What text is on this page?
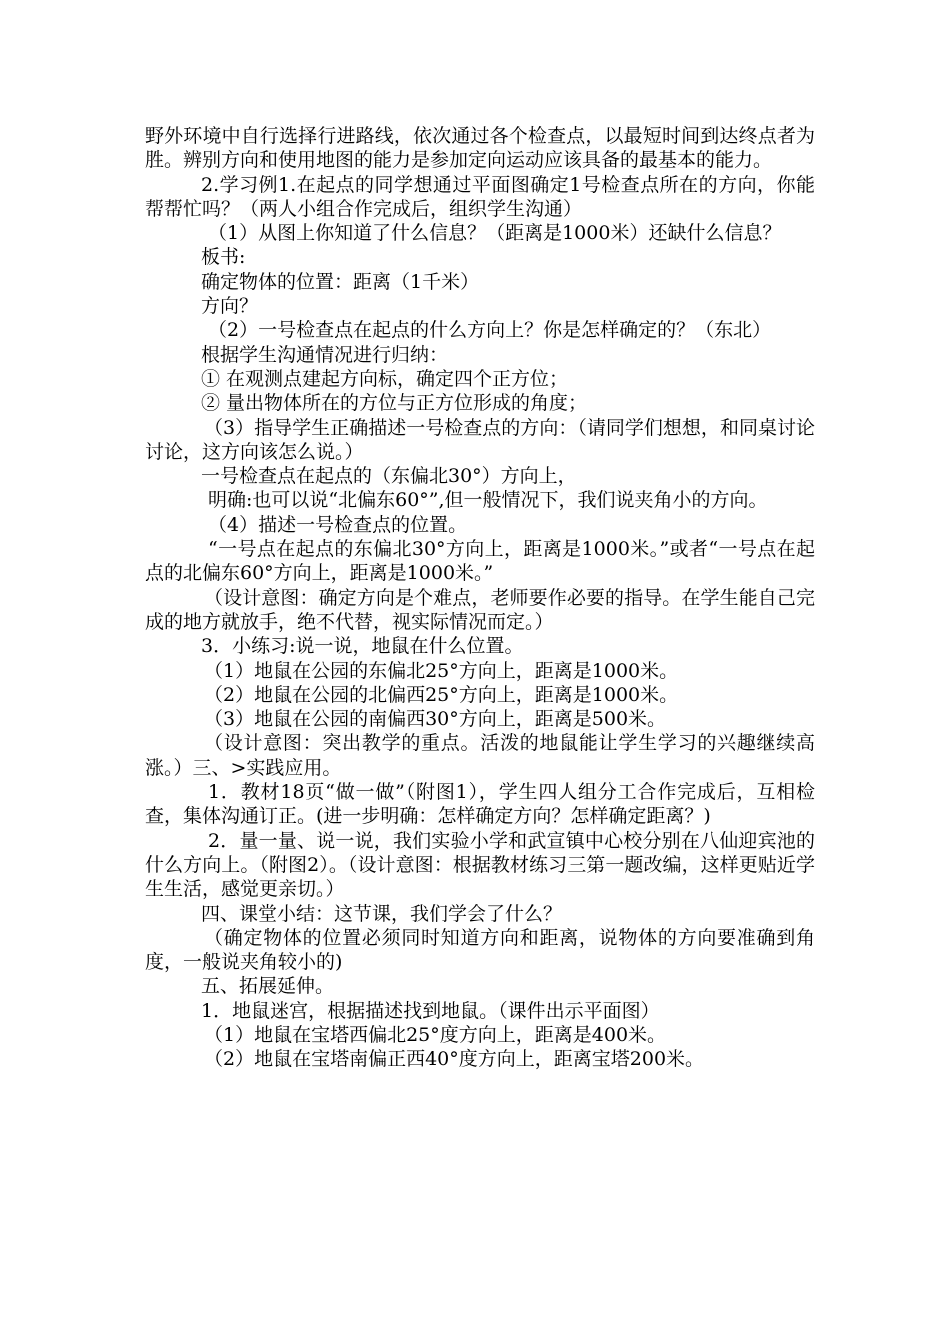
野外环境中自行选择行进路线，依次通过各个检查点，以最短时间到达终点者为胜。辨别方向和使用地图的能力是参加定向运动应该具备的最基本的能力。

2.学习例1.在起点的同学想通过平面图确定1号检查点所在的方向，你能帮帮忙吗？（两人小组合作完成后，组织学生沟通）

（1）从图上你知道了什么信息？（距离是1000米）还缺什么信息？

板书:

确定物体的位置：距离（1千米）

方向？

（2）一号检查点在起点的什么方向上？你是怎样确定的？（东北）

根据学生沟通情况进行归纳：

① 在观测点建起方向标，确定四个正方位；

② 量出物体所在的方位与正方位形成的角度；

（3）指导学生正确描述一号检查点的方向：（请同学们想想，和同桌讨论讨论，这方向该怎么说。）

一号检查点在起点的（东偏北30°）方向上，

明确:也可以说“北偏东60°”,但一般情况下，我们说夹角小的方向。

（4）描述一号检查点的位置。

“一号点在起点的东偏北30°方向上，距离是1000米。”或者“一号点在起点的北偏东60°方向上，距离是1000米。”

（设计意图：确定方向是个难点，老师要作必要的指导。在学生能自己完成的地方就放手，绝不代替，视实际情况而定。）

3．小练习:说一说，地鼠在什么位置。

（1）地鼠在公园的东偏北25°方向上，距离是1000米。

（2）地鼠在公园的北偏西25°方向上，距离是1000米。

（3）地鼠在公园的南偏西30°方向上，距离是500米。

（设计意图：突出教学的重点。活泼的地鼠能让学生学习的兴趣继续高涨。）三、>实践应用。

1．教材18页“做一做”（附图1），学生四人组分工合作完成后，互相检查，集体沟通订正。(进一步明确：怎样确定方向？怎样确定距离？)

2．量一量、说一说，我们实验小学和武宣镇中心校分别在八仙迎宾池的什么方向上。（附图2）。（设计意图：根据教材练习三第一题改编，这样更贴近学生生活，感觉更亲切。）

四、课堂小结：这节课，我们学会了什么？

（确定物体的位置必须同时知道方向和距离，说物体的方向要准确到角度，一般说夹角较小的)

五、拓展延伸。

1．地鼠迷宫，根据描述找到地鼠。（课件出示平面图）

（1）地鼠在宝塔西偏北25°度方向上，距离是400米。

（2）地鼠在宝塔南偏正西40°度方向上，距离宝塔200米。
